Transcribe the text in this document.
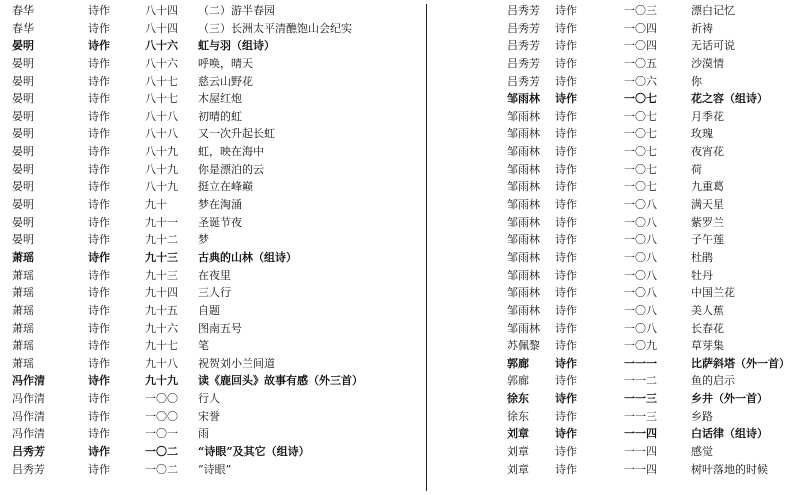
春华	诗作	八十四 （二）游半春园
春华	诗作	八十四 （三）长洲太平清醮饱山会纪实
晏明	诗作	八十六 虹与羽（组诗）
晏明	诗作	八十六 呼唤，晴天
晏明	诗作	八十七 慈云山野花
晏明	诗作	八十七 木屋红炮
晏明	诗作	八十八 初晴的虹
晏明	诗作	八十八 又一次升起长虹
晏明	诗作	八十九 虹，映在海中
晏明	诗作	八十九 你是漂泊的云
晏明	诗作	八十九 挺立在峰巅
晏明	诗作	九十	梦在淘涌
晏明	诗作	九十一 圣诞节夜
晏明	诗作	九十二 梦
萧瑶	诗作	九十三 古典的山林（组诗）
萧瑶	诗作	九十三 在夜里
萧瑶	诗作	九十四 三人行
萧瑶	诗作	九十五 自题
萧瑶	诗作	九十六 图南五号
萧瑶	诗作	九十七 笔
萧瑶	诗作	九十八 祝贺刘小兰间道
冯作清	诗作	九十九 读《鹿回头》故事有感（外三首）
冯作清	诗作	一〇〇 行人
冯作清	诗作	一〇〇 宋誉
冯作清	诗作	一〇一 雨
吕秀芳	诗作	一〇二 “诗眼”及其它（组诗）
吕秀芳	诗作	一〇二 “诗眼”
吕秀芳 诗作	一〇三	漂白记忆
吕秀芳 诗作	一〇四	祈祷
吕秀芳 诗作	一〇四	无话可说
吕秀芳 诗作	一〇五	沙漠情
吕秀芳 诗作	一〇六	你
邹雨林 诗作	一〇七	花之容（组诗）
邹雨林 诗作	一〇七	月季花
邹雨林 诗作	一〇七	玫瑰
邹雨林 诗作	一〇七	夜宵花
邹雨林 诗作	一〇七	荷
邹雨林 诗作	一〇七	九重葛
邹雨林 诗作	一〇八	满天星
邹雨林 诗作	一〇八	紫罗兰
邹雨林 诗作	一〇八	子午莲
邹雨林 诗作	一〇八	杜鹃
邹雨林 诗作	一〇八	牡丹
邹雨林 诗作	一〇八	中国兰花
邹雨林 诗作	一〇八	美人蕉
邹雨林 诗作	一〇八	长春花
苏佩黎 诗作	一〇九	草芽集
郭廊 诗作	一一一	比萨斜塔（外一首）
郭廊 诗作	一一二	鱼的启示
徐东 诗作	一一三	乡井（外一首）
徐东 诗作	一一三	乡路
刘章 诗作	一一四	白话律（组诗）
刘章 诗作	一一四	感觉
刘章 诗作	一一四	树叶落地的时候
